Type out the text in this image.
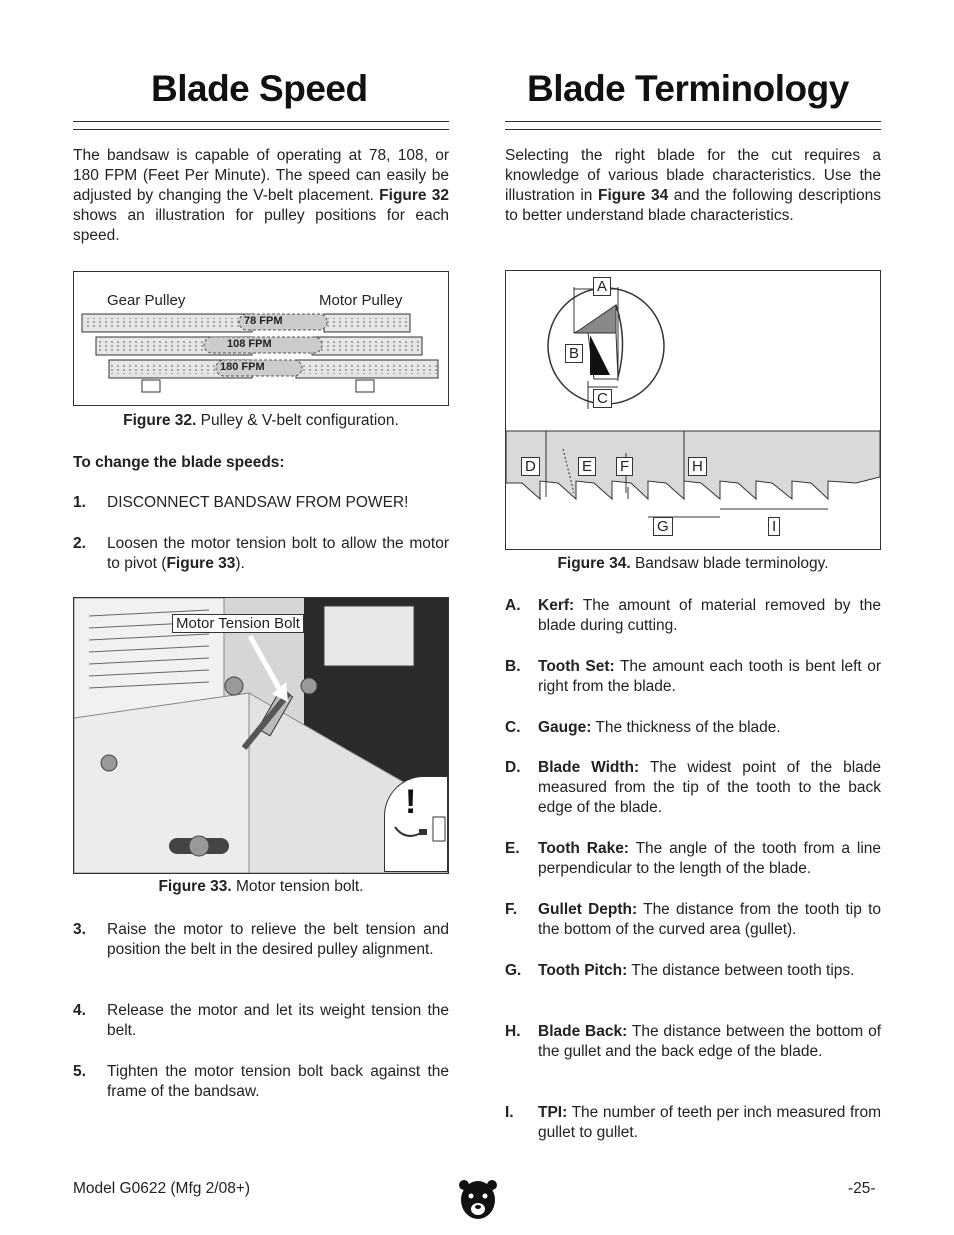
Blade Speed

The bandsaw is capable of operating at 78, 108, or 180 FPM (Feet Per Minute). The speed can easily be adjusted by changing the V-belt placement. Figure 32 shows an illustration for pulley positions for each speed.

Gear Pulley	Motor Pulley
78 FPM
108 FPM
180 FPM

Figure 32. Pulley & V-belt configuration.

To change the blade speeds:

1. DISCONNECT BANDSAW FROM POWER!
2. Loosen the motor tension bolt to allow the motor to pivot (Figure 33).
Motor Tension Bolt
!

Figure 33. Motor tension bolt.

3. Raise the motor to relieve the belt tension and position the belt in the desired pulley alignment.
4. Release the motor and let its weight tension the belt.
5. Tighten the motor tension bolt back against the frame of the bandsaw.
Blade Terminology

Selecting the right blade for the cut requires a knowledge of various blade characteristics. Use the illustration in Figure 34 and the following descriptions to better understand blade characteristics.

A
B
C
D	E F
G
H
I

Figure 34. Bandsaw blade terminology.

A. Kerf: The amount of material removed by the blade during cutting.
B. Tooth Set: The amount each tooth is bent left or right from the blade.
C. Gauge: The thickness of the blade.
D. Blade Width: The widest point of the blade measured from the tip of the tooth to the back edge of the blade.
E. Tooth Rake: The angle of the tooth from a line perpendicular to the length of the blade.
F. Gullet Depth: The distance from the tooth tip to the bottom of the curved area (gullet).
G. Tooth Pitch: The distance between tooth tips.
H. Blade Back: The distance between the bottom of the gullet and the back edge of the blade.
I. TPI: The number of teeth per inch measured from gullet to gullet.
Model G0622 (Mfg 2/08+)	-25-
